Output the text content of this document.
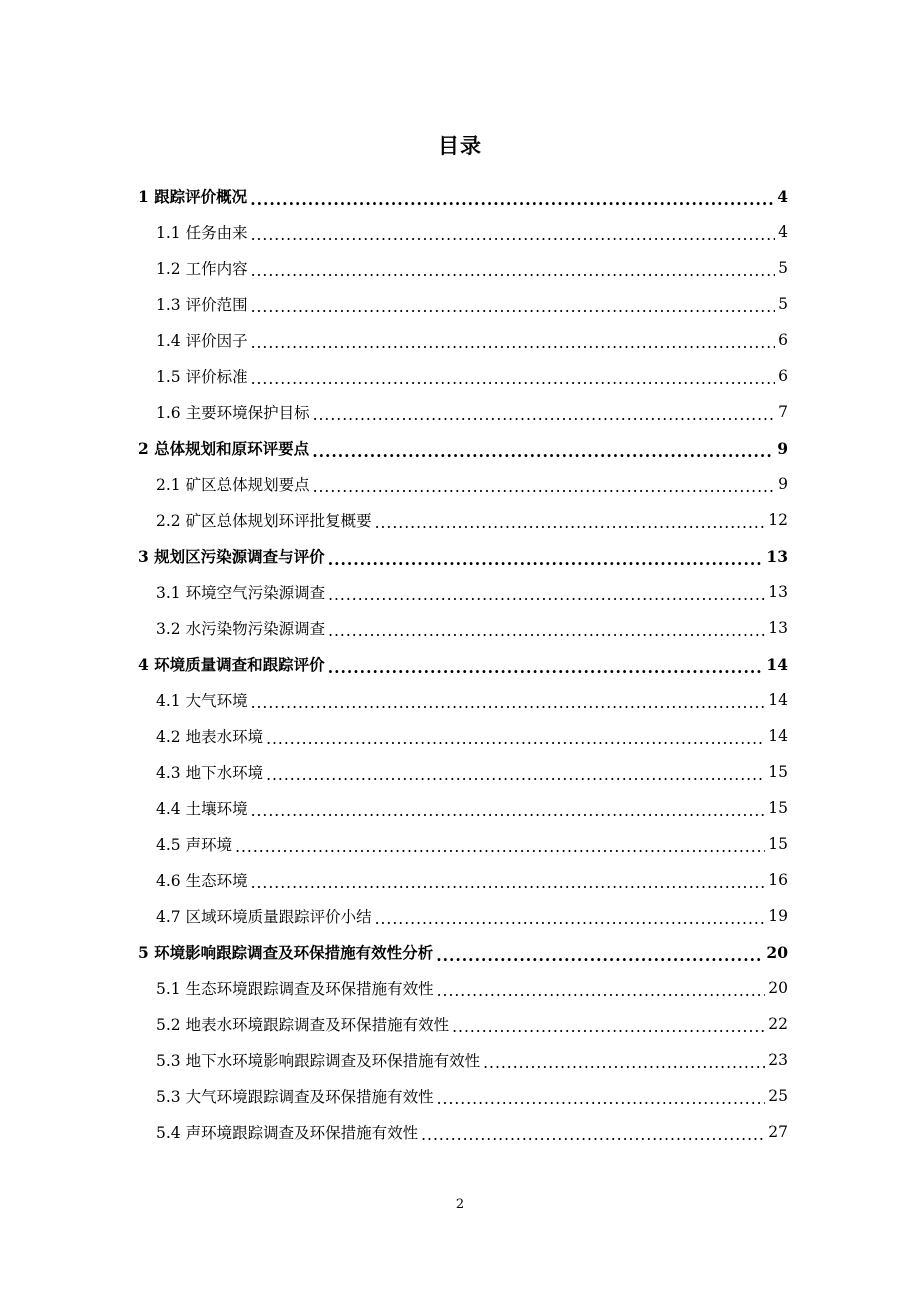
目录
1 跟踪评价概况 .....	4
1.1 任务由来 .....	4
1.2 工作内容 .....	5
1.3 评价范围 .....	5
1.4 评价因子 .....	6
1.5 评价标准 .....	6
1.6 主要环境保护目标 .....	7
2 总体规划和原环评要点 .....	9
2.1 矿区总体规划要点 .....	9
2.2 矿区总体规划环评批复概要 .....	12
3 规划区污染源调查与评价 .....	13
3.1 环境空气污染源调查 .....	13
3.2 水污染物污染源调查 .....	13
4 环境质量调查和跟踪评价 .....	14
4.1 大气环境 .....	14
4.2 地表水环境 .....	14
4.3 地下水环境 .....	15
4.4 土壤环境 .....	15
4.5 声环境 .....	15
4.6 生态环境 .....	16
4.7 区域环境质量跟踪评价小结 .....	19
5 环境影响跟踪调查及环保措施有效性分析 .....	20
5.1 生态环境跟踪调查及环保措施有效性 .....	20
5.2 地表水环境跟踪调查及环保措施有效性 .....	22
5.3 地下水环境影响跟踪调查及环保措施有效性 .....	23
5.3 大气环境跟踪调查及环保措施有效性 .....	25
5.4 声环境跟踪调查及环保措施有效性 .....	27
2
